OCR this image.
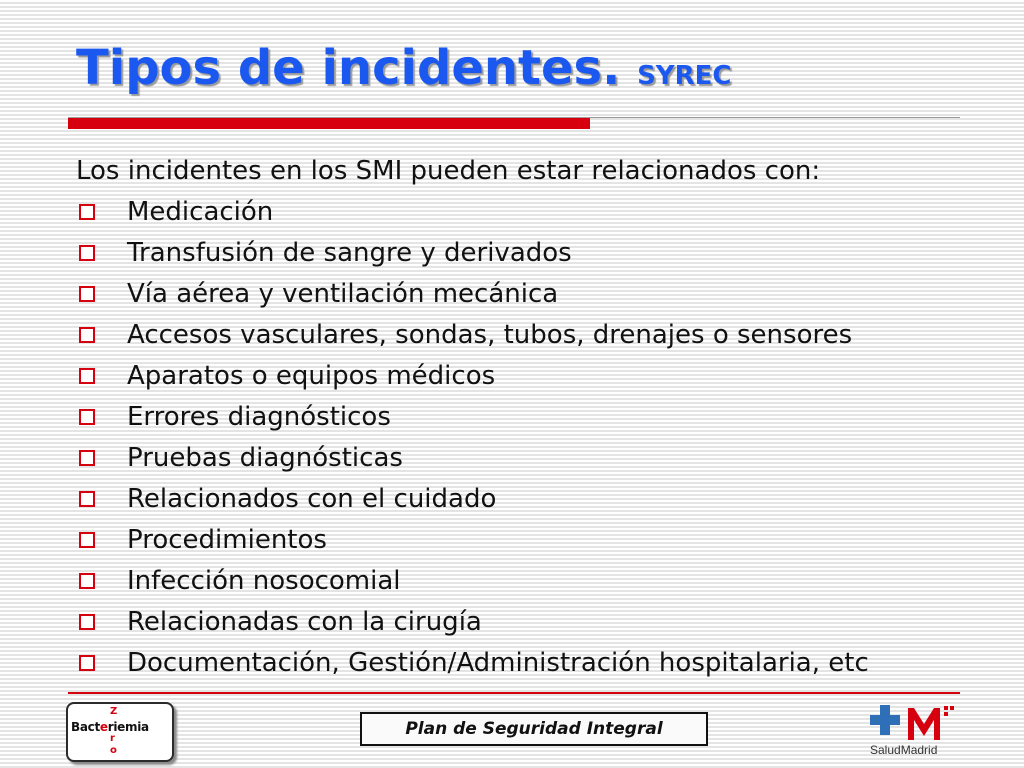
Tipos de incidentes. SYREC
Los incidentes en los SMI pueden estar relacionados con:
Medicación
Transfusión de sangre y derivados
Vía aérea y ventilación mecánica
Accesos vasculares, sondas, tubos, drenajes o sensores
Aparatos o equipos médicos
Errores diagnósticos
Pruebas diagnósticas
Relacionados con el cuidado
Procedimientos
Infección nosocomial
Relacionadas con la cirugía
Documentación, Gestión/Administración hospitalaria, etc
Z
Bacteriemia
r
o
Plan de Seguridad Integral
SaludMadrid
